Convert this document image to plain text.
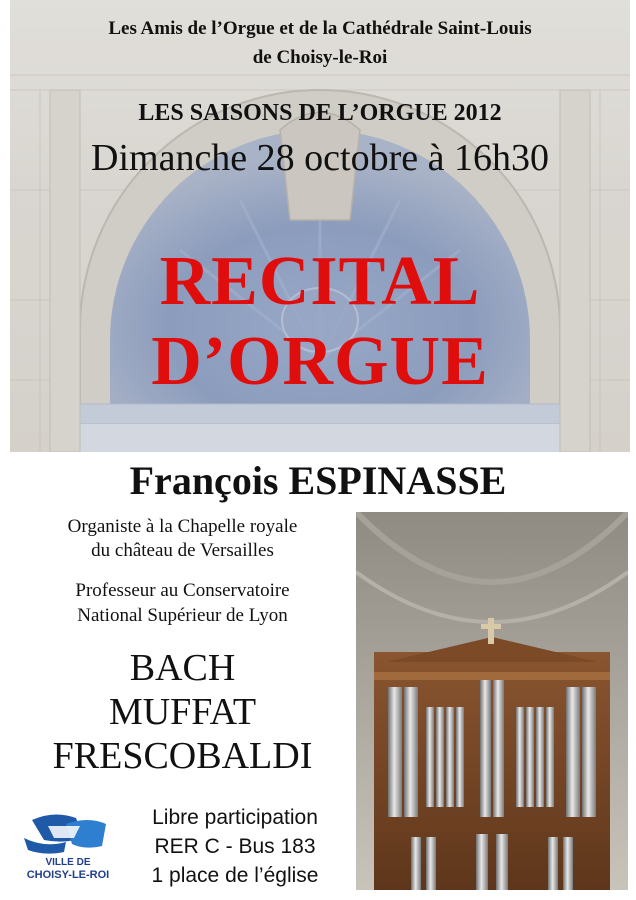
Les Amis de l’Orgue et de la Cathédrale Saint-Louis
de Choisy-le-Roi
LES SAISONS DE L’ORGUE 2012
Dimanche 28 octobre à 16h30
RECITAL
D’ORGUE
François ESPINASSE
Organiste à la Chapelle royale
du château de Versailles
Professeur au Conservatoire
National Supérieur de Lyon
BACH
MUFFAT
FRESCOBALDI
VILLE DE
CHOISY-LE-ROI
Libre participation
RER C - Bus 183
1 place de l’église
